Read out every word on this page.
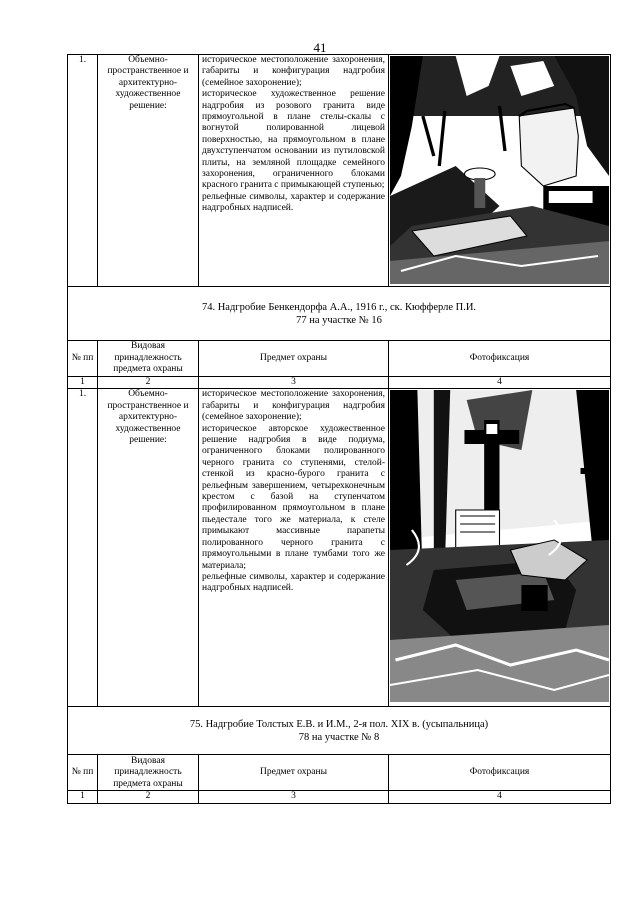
41
1.	Объемно-пространственное и архитектурно-художественное решение:	историческое местоположение захоронения, габариты и конфигурация надгробия (семейное захоронение);

историческое художественное решение надгробия из розового гранита виде прямоугольной в плане стелы-скалы с вогнутой полированной лицевой поверхностью, на прямоугольном в плане двухступенчатом основании из путиловской плиты, на земляной площадке семейного захоронения, ограниченного блоками красного гранита с примыкающей ступенью;

рельефные символы, характер и содержание надгробных надписей.

74. Надгробие Бенкендорфа А.А., 1916 г., ск. Кюфферле П.И.
77 на участке № 16			

№ пп	Видовая принадлежность предмета охраны	Предмет охраны	Фотофиксация
1	2	3	4
1.	Объемно-пространственное и архитектурно-художественное решение:	историческое местоположение захоронения, габариты и конфигурация надгробия (семейное захоронение);

историческое авторское художественное решение надгробия в виде подиума, ограниченного блоками полированного черного гранита со ступенями, стелой-стенкой из красно-бурого гранита с рельефным завершением, четырехконечным крестом с базой на ступенчатом профилированном прямоугольном в плане пьедестале того же материала, к стеле примыкают массивные парапеты полированного черного гранита с прямоугольными в плане тумбами того же материала;

рельефные символы, характер и содержание надгробных надписей.

75. Надгробие Толстых Е.В. и И.М., 2-я пол. XIX в. (усыпальница)
78 на участке № 8			

№ пп	Видовая принадлежность предмета охраны	Предмет охраны	Фотофиксация
1	2	3	4
